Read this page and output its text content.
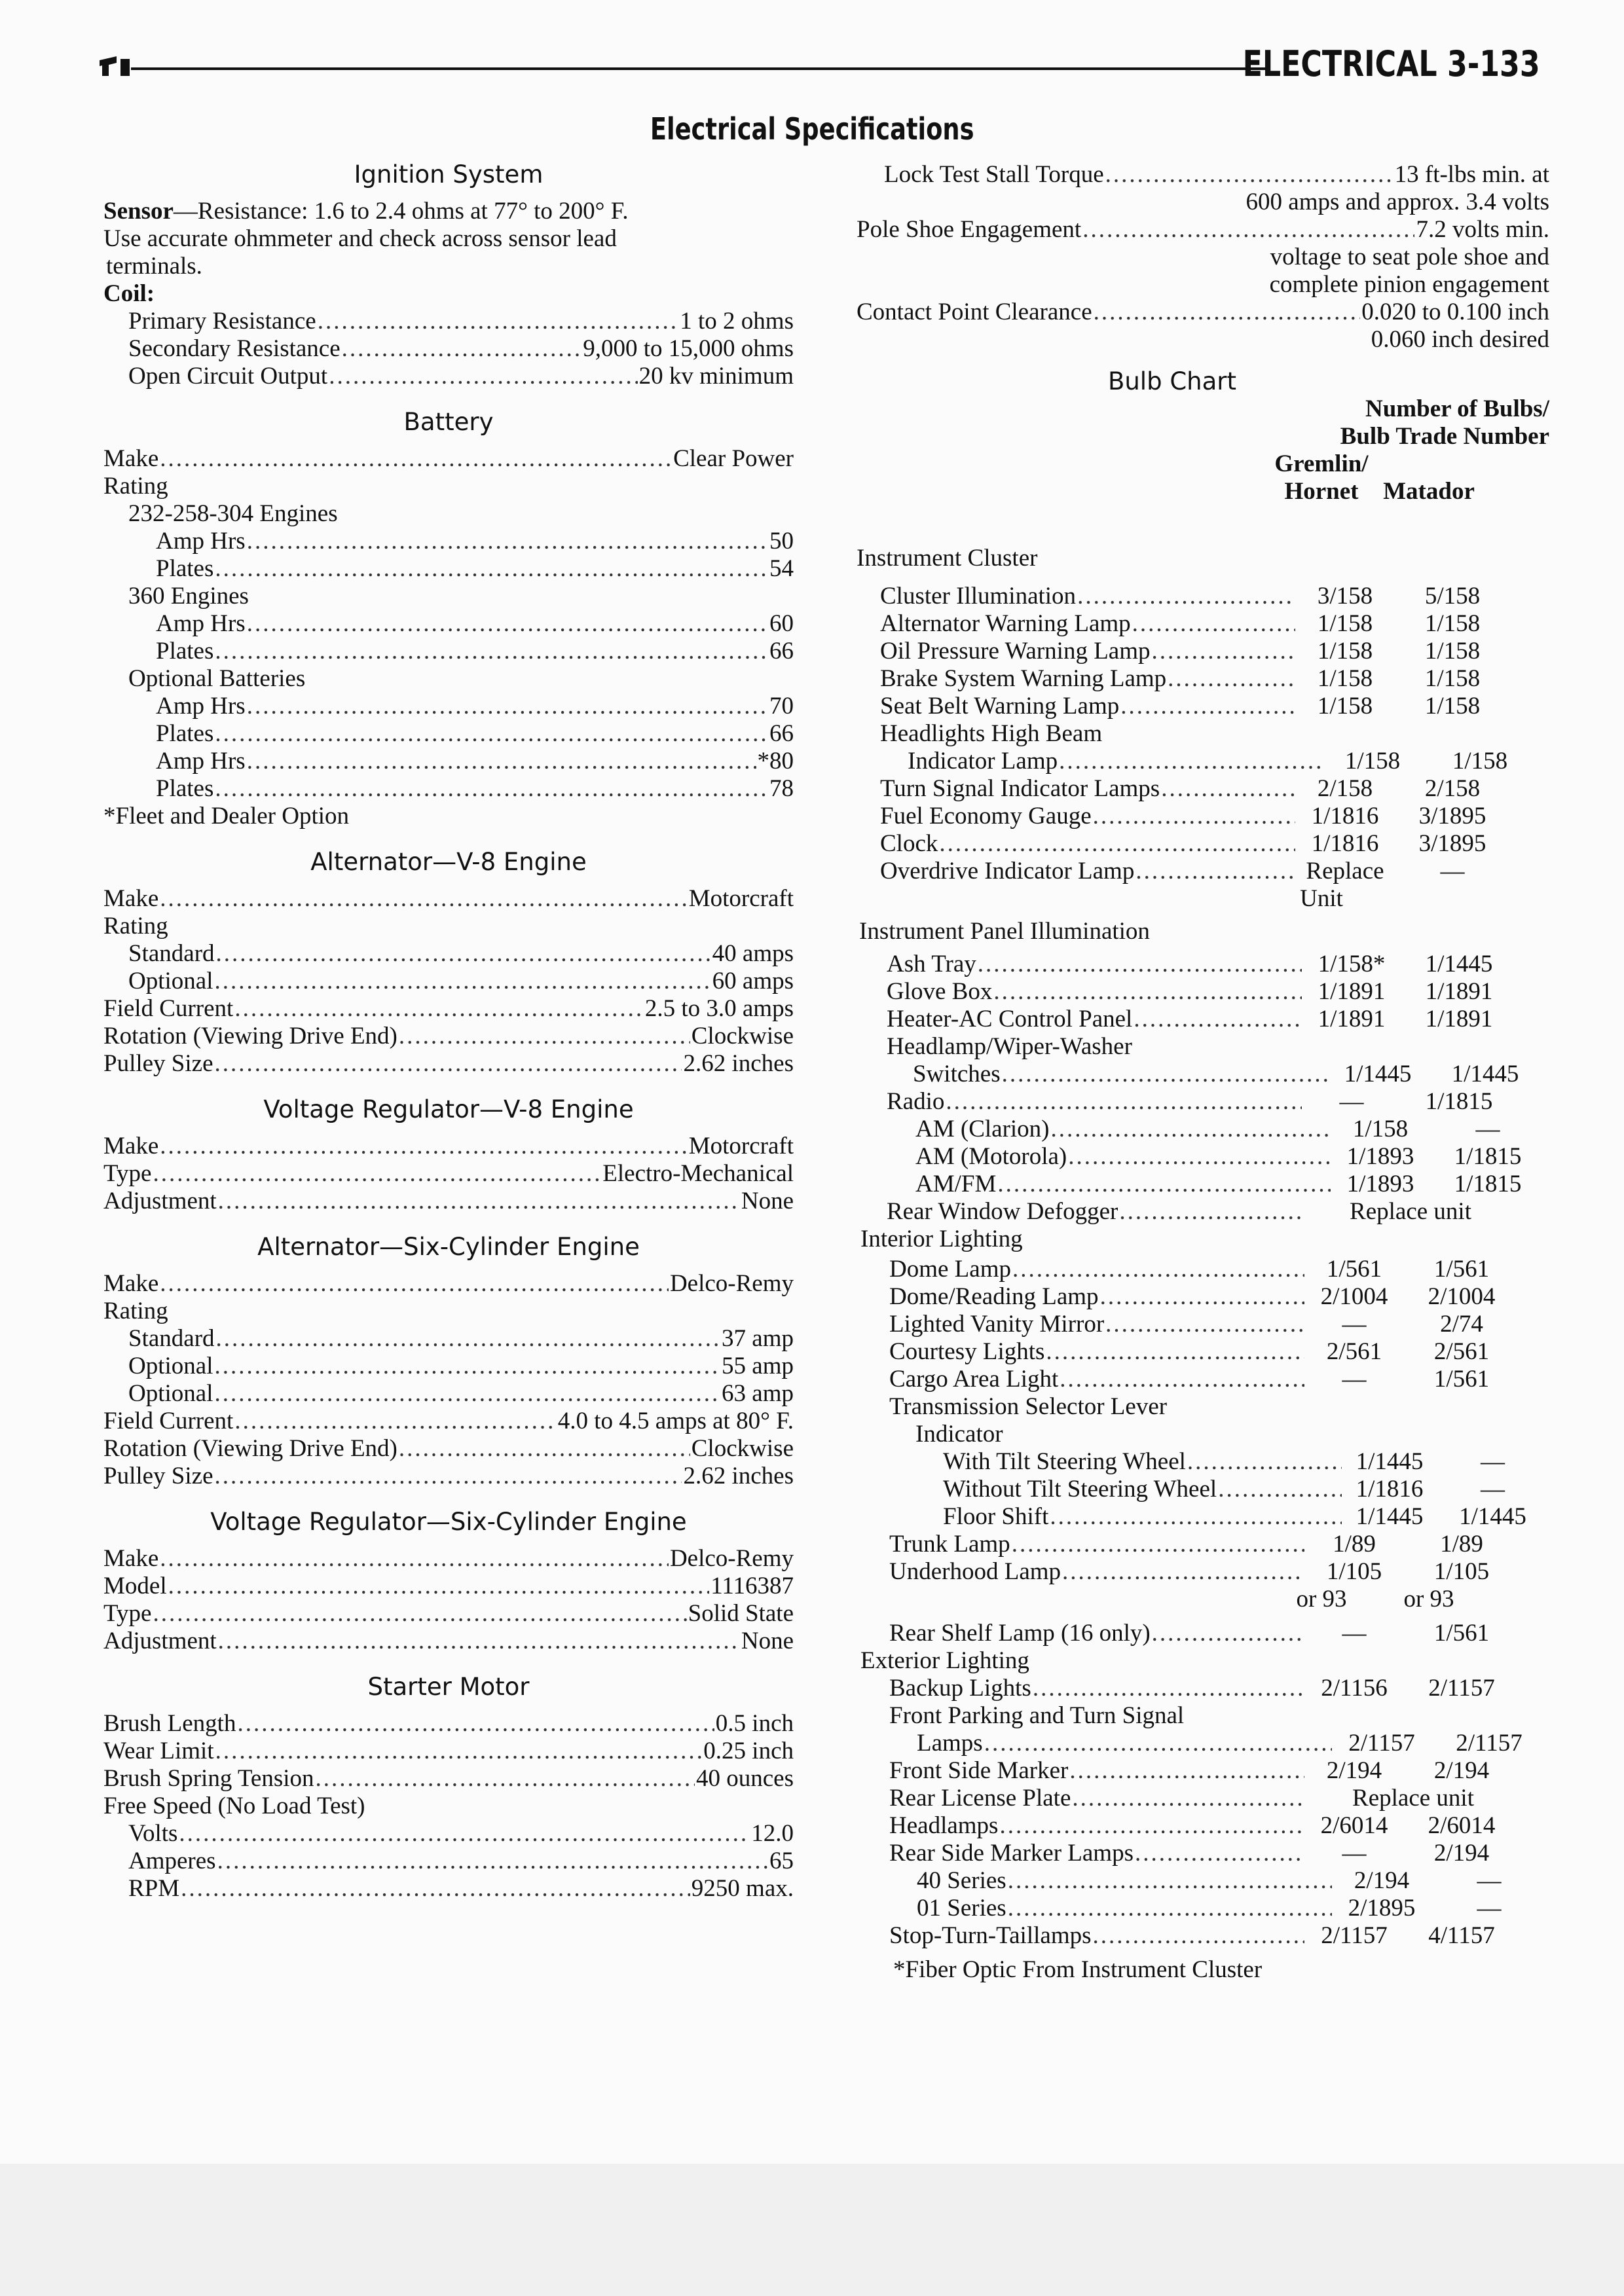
ELECTRICAL 3-133
Electrical Specifications
Ignition System
Sensor—Resistance: 1.6 to 2.4 ohms at 77° to 200° F.
Use accurate ohmmeter and check across sensor lead
terminals.
Coil:
Primary Resistance .....	1 to 2 ohms
Secondary Resistance .....	9,000 to 15,000 ohms
Open Circuit Output .....	20 kv minimum
Battery
Make .....	Clear Power
Rating
232-258-304 Engines
Amp Hrs .....	50
Plates .....	54
360 Engines
Amp Hrs .....	60
Plates .....	66
Optional Batteries
Amp Hrs .....	70
Plates .....	66
Amp Hrs .....	*80
Plates .....	78
*Fleet and Dealer Option
Alternator—V-8 Engine
Make .....	Motorcraft
Rating
Standard .....	40 amps
Optional .....	60 amps
Field Current .....	2.5 to 3.0 amps
Rotation (Viewing Drive End) .....	Clockwise
Pulley Size .....	2.62 inches
Voltage Regulator—V-8 Engine
Make .....	Motorcraft
Type .....	Electro-Mechanical
Adjustment .....	None
Alternator—Six-Cylinder Engine
Make .....	Delco-Remy
Rating
Standard .....	37 amp
Optional .....	55 amp
Optional .....	63 amp
Field Current .....	4.0 to 4.5 amps at 80° F.
Rotation (Viewing Drive End) .....	Clockwise
Pulley Size .....	2.62 inches
Voltage Regulator—Six-Cylinder Engine
Make .....	Delco-Remy
Model .....	1116387
Type .....	Solid State
Adjustment .....	None
Starter Motor
Brush Length .....	0.5 inch
Wear Limit .....	0.25 inch
Brush Spring Tension .....	40 ounces
Free Speed (No Load Test)
Volts .....	12.0
Amperes .....	65
RPM .....	9250 max.
Lock Test Stall Torque .....	13 ft-lbs min. at
600 amps and approx. 3.4 volts
Pole Shoe Engagement .....	7.2 volts min.
voltage to seat pole shoe and
complete pinion engagement
Contact Point Clearance .....	0.020 to 0.100 inch
0.060 inch desired
Bulb Chart
Number of Bulbs/
Bulb Trade Number
Gremlin/
Hornet	Matador
Instrument Cluster
Cluster Illumination .....	3/158	5/158
Alternator Warning Lamp .....	1/158	1/158
Oil Pressure Warning Lamp .....	1/158	1/158
Brake System Warning Lamp .....	1/158	1/158
Seat Belt Warning Lamp .....	1/158	1/158
Headlights High Beam
Indicator Lamp .....	1/158	1/158
Turn Signal Indicator Lamps .....	2/158	2/158
Fuel Economy Gauge .....	1/1816	3/1895
Clock .....	1/1816	3/1895
Overdrive Indicator Lamp .....	Replace	—
Unit
Instrument Panel Illumination
Ash Tray .....	1/158*	1/1445
Glove Box .....	1/1891	1/1891
Heater-AC Control Panel .....	1/1891	1/1891
Headlamp/Wiper-Washer
Switches .....	1/1445	1/1445
Radio .....	—	1/1815
AM (Clarion) .....	1/158	—
AM (Motorola) .....	1/1893	1/1815
AM/FM .....	1/1893	1/1815
Rear Window Defogger .....	Replace unit
Interior Lighting
Dome Lamp .....	1/561	1/561
Dome/Reading Lamp .....	2/1004	2/1004
Lighted Vanity Mirror .....	—	2/74
Courtesy Lights .....	2/561	2/561
Cargo Area Light .....	—	1/561
Transmission Selector Lever
Indicator
With Tilt Steering Wheel .....	1/1445	—
Without Tilt Steering Wheel .....	1/1816	—
Floor Shift .....	1/1445	1/1445
Trunk Lamp .....	1/89	1/89
Underhood Lamp .....	1/105	1/105
or 93	or 93
Rear Shelf Lamp (16 only) .....	—	1/561
Exterior Lighting
Backup Lights .....	2/1156	2/1157
Front Parking and Turn Signal
Lamps .....	2/1157	2/1157
Front Side Marker .....	2/194	2/194
Rear License Plate .....	Replace unit
Headlamps .....	2/6014	2/6014
Rear Side Marker Lamps .....	—	2/194
40 Series .....	2/194	—
01 Series .....	2/1895	—
Stop-Turn-Taillamps .....	2/1157	4/1157
*Fiber Optic From Instrument Cluster
